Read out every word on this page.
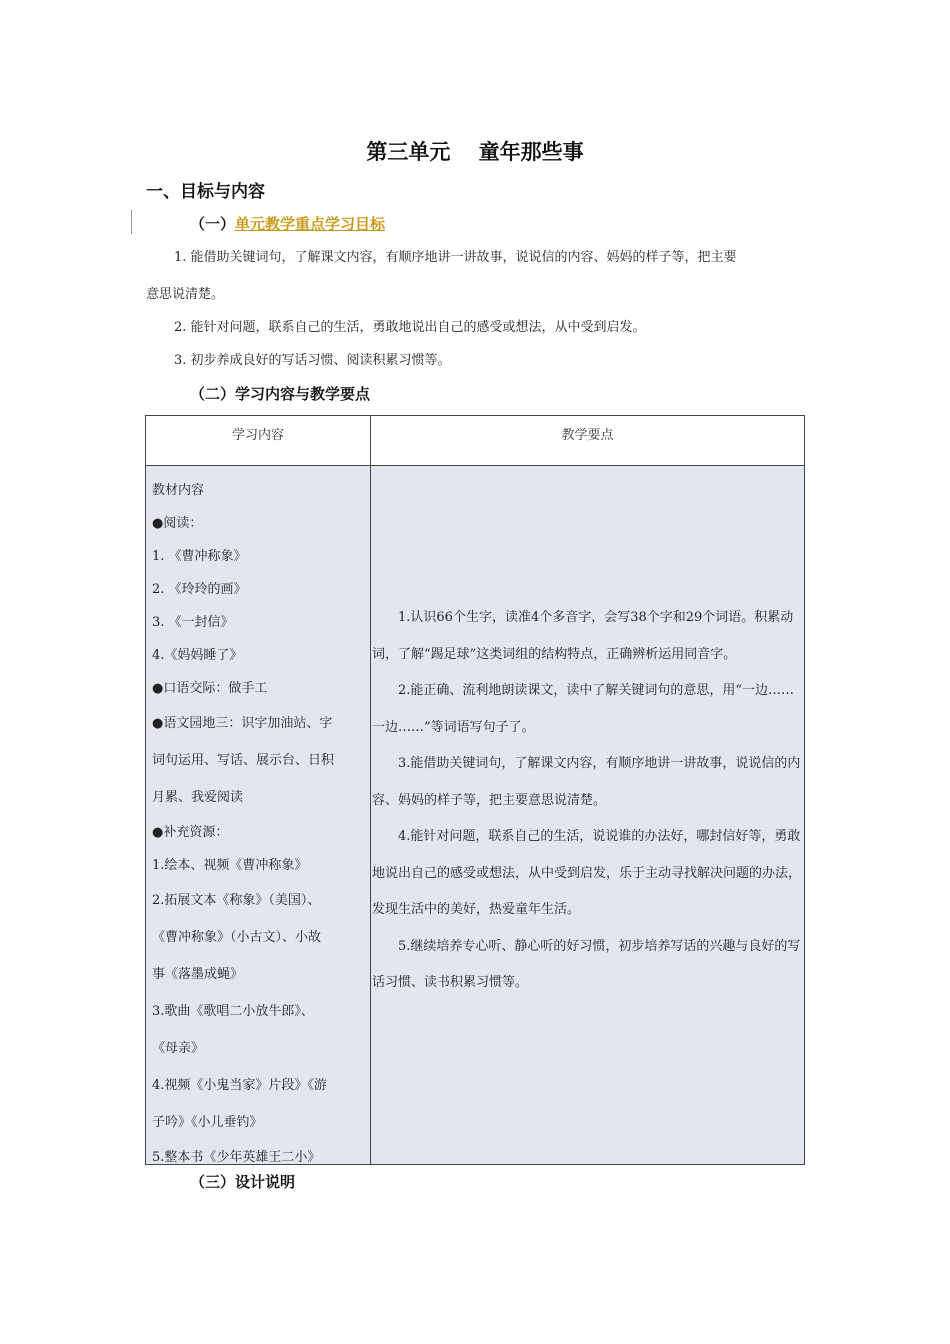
第三单元　 童年那些事
一、目标与内容
（一）单元教学重点学习目标
1. 能借助关键词句，了解课文内容，有顺序地讲一讲故事，说说信的内容、妈妈的样子等，把主要
意思说清楚。
2. 能针对问题，联系自己的生活，勇敢地说出自己的感受或想法，从中受到启发。
3. 初步养成良好的写话习惯、阅读积累习惯等。
（二）学习内容与教学要点
学习内容	教学要点
教材内容
●阅读：
1. 《曹冲称象》
2. 《玲玲的画》
3. 《一封信》
4.《妈妈睡了》
●口语交际：做手工
●语文园地三：识字加油站、字
词句运用、写话、展示台、日积
月累、我爱阅读
●补充资源：
1.绘本、视频《曹冲称象》
2.拓展文本《称象》（美国）、
《曹冲称象》（小古文）、小故
事《落墨成蝇》
3.歌曲《歌唱二小放牛郎》、
《母亲》
4.视频《小鬼当家》片段》《游
子吟》《小儿垂钓》
5.整本书《少年英雄王二小》
1.认识66个生字，读准4个多音字，会写38个字和29个词语。积累动词，了解“踢足球”这类词组的结构特点，正确辨析运用同音字。
2.能正确、流利地朗读课文，读中了解关键词句的意思，用“一边……一边……”等词语写句子了。
3.能借助关键词句，了解课文内容，有顺序地讲一讲故事，说说信的内容、妈妈的样子等，把主要意思说清楚。
4.能针对问题，联系自己的生活，说说谁的办法好，哪封信好等，勇敢地说出自己的感受或想法，从中受到启发，乐于主动寻找解决问题的办法，发现生活中的美好，热爱童年生活。
5.继续培养专心听、静心听的好习惯，初步培养写话的兴趣与良好的写话习惯、读书积累习惯等。
（三）设计说明
